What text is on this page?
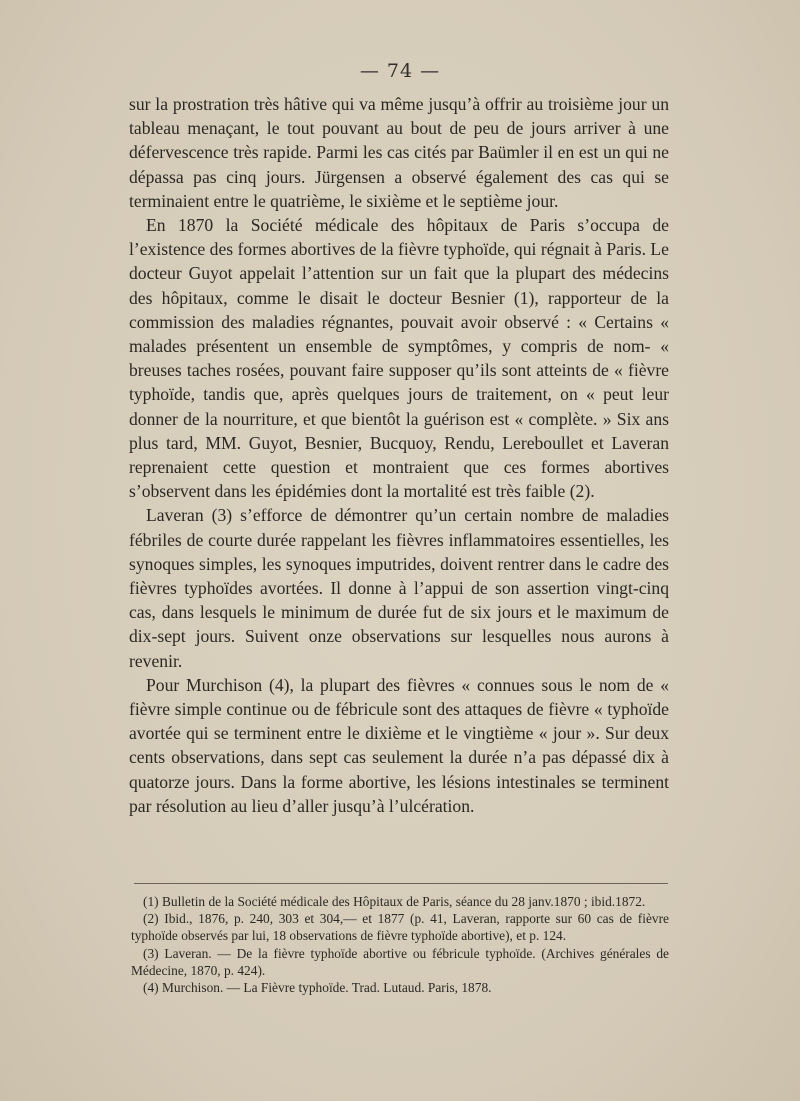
— 74 —

sur la prostration très hâtive qui va même jusqu’à offrir au troisième jour un tableau menaçant, le tout pouvant au bout de peu de jours arriver à une défervescence très rapide. Parmi les cas cités par Baümler il en est un qui ne dépassa pas cinq jours. Jürgensen a observé également des cas qui se terminaient entre le quatrième, le sixième et le septième jour.

En 1870 la Société médicale des hôpitaux de Paris s’occupa de l’existence des formes abortives de la fièvre typhoïde, qui régnait à Paris. Le docteur Guyot appelait l’attention sur un fait que la plupart des médecins des hôpitaux, comme le disait le docteur Besnier (1), rapporteur de la commission des maladies régnantes, pouvait avoir observé : « Certains « malades présentent un ensemble de symptômes, y compris de nom- « breuses taches rosées, pouvant faire supposer qu’ils sont atteints de « fièvre typhoïde, tandis que, après quelques jours de traitement, on « peut leur donner de la nourriture, et que bientôt la guérison est « complète. » Six ans plus tard, MM. Guyot, Besnier, Bucquoy, Rendu, Lereboullet et Laveran reprenaient cette question et montraient que ces formes abortives s’observent dans les épidémies dont la mortalité est très faible (2).

Laveran (3) s’efforce de démontrer qu’un certain nombre de maladies fébriles de courte durée rappelant les fièvres inflammatoires essentielles, les synoques simples, les synoques imputrides, doivent rentrer dans le cadre des fièvres typhoïdes avortées. Il donne à l’appui de son assertion vingt-cinq cas, dans lesquels le minimum de durée fut de six jours et le maximum de dix-sept jours. Suivent onze observations sur lesquelles nous aurons à revenir.

Pour Murchison (4), la plupart des fièvres « connues sous le nom de « fièvre simple continue ou de fébricule sont des attaques de fièvre « typhoïde avortée qui se terminent entre le dixième et le vingtième « jour ». Sur deux cents observations, dans sept cas seulement la durée n’a pas dépassé dix à quatorze jours. Dans la forme abortive, les lésions intestinales se terminent par résolution au lieu d’aller jusqu’à l’ulcération.

(1) Bulletin de la Société médicale des Hôpitaux de Paris, séance du 28 janv.1870 ; ibid.1872.

(2) Ibid., 1876, p. 240, 303 et 304,— et 1877 (p. 41, Laveran, rapporte sur 60 cas de fièvre typhoïde observés par lui, 18 observations de fièvre typhoïde abortive), et p. 124.

(3) Laveran. — De la fièvre typhoïde abortive ou fébricule typhoïde. (Archives générales de Médecine, 1870, p. 424).

(4) Murchison. — La Fièvre typhoïde. Trad. Lutaud. Paris, 1878.
